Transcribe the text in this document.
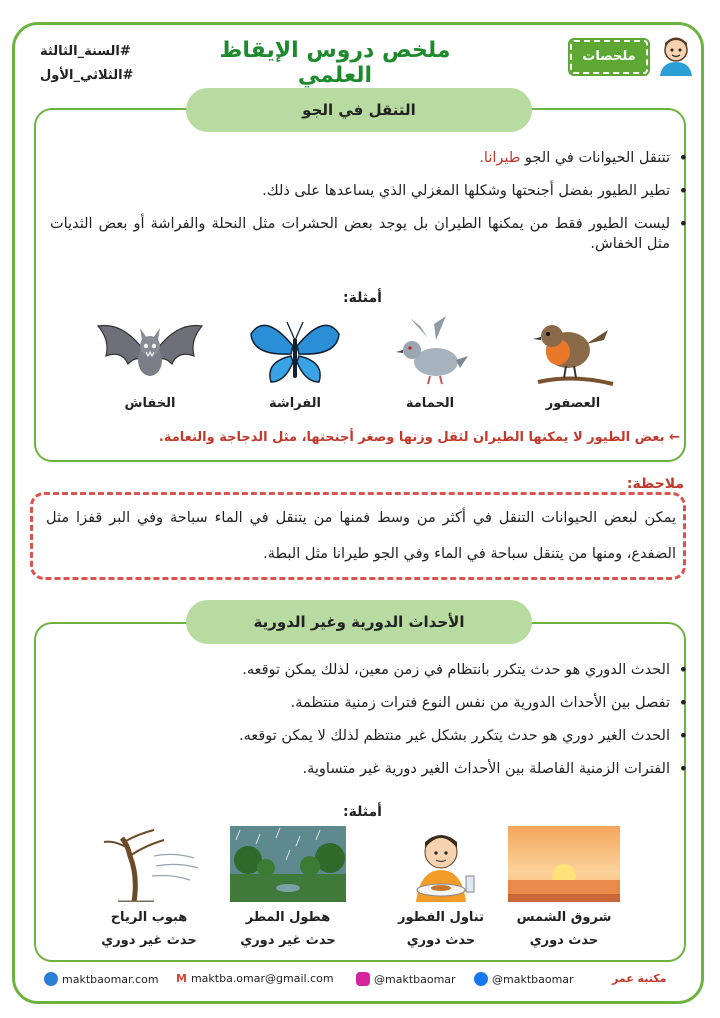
#السنة_الثالثة
#الثلاثي_الأول
ملخص دروس الإيقاظ العلمي
ملخصات
التنقل في الجو
• تتنقل الحيوانات في الجو طيرانا.
• تطير الطيور بفضل أجنحتها وشكلها المغزلي الذي يساعدها على ذلك.
• ليست الطيور فقط من يمكنها الطيران بل يوجد بعض الحشرات مثل النحلة والفراشة أو بعض الثديات مثل الخفاش.
أمثلة:
العصفور
الحمامة
الفراشة
الخفاش
← بعض الطيور لا يمكنها الطيران لثقل وزنها وصغر أجنحتها، مثل الدجاجة والنعامة.
ملاحظة:
يمكن لبعض الحيوانات التنقل في أكثر من وسط فمنها من يتنقل في الماء سباحة وفي البر قفزا مثل الضفدع، ومنها من يتنقل سباحة في الماء وفي الجو طيرانا مثل البطة.
الأحداث الدورية وغير الدورية
• الحدث الدوري هو حدث يتكرر بانتظام في زمن معين، لذلك يمكن توقعه.
• تفصل بين الأحداث الدورية من نفس النوع فترات زمنية منتظمة.
• الحدث الغير دوري هو حدث يتكرر بشكل غير منتظم لذلك لا يمكن توقعه.
• الفترات الزمنية الفاصلة بين الأحداث الغير دورية غير متساوية.
أمثلة:
شروق الشمس
حدث دوري
تناول الفطور
حدث دوري
هطول المطر
حدث غير دوري
هبوب الرياح
حدث غير دوري
maktbaomar.com M maktba.omar@gmail.com	@maktbaomar	@maktbaomar	مكتبة عمر
